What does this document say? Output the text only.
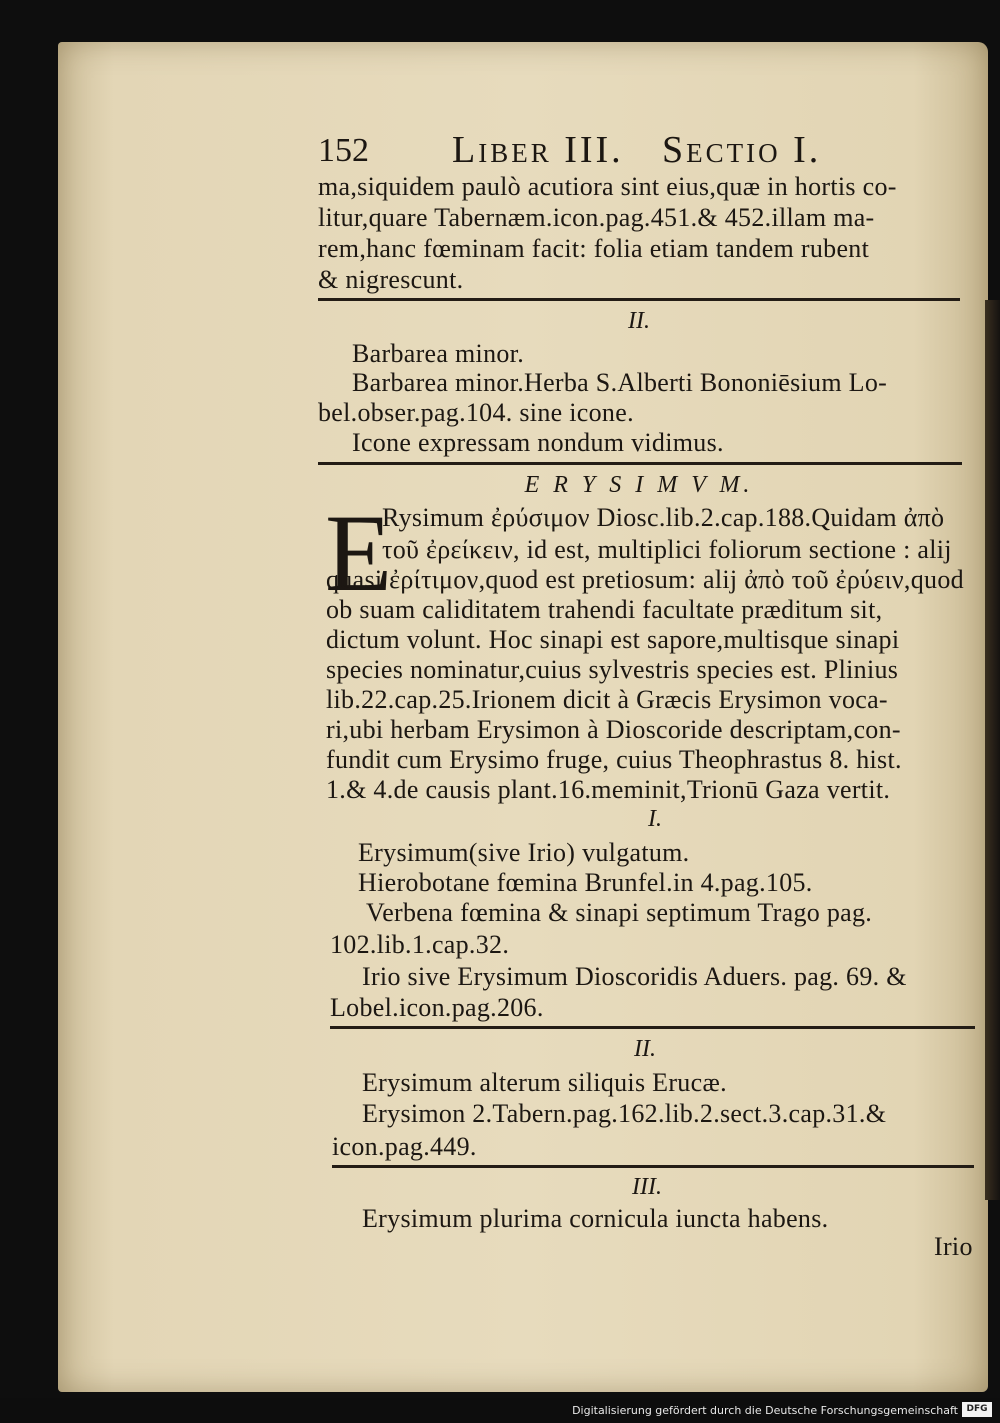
152 Liber III. Sectio I.
ma,siquidem paulò acutiora sint eius,quæ in hortis co-
litur,quare Tabernæm.icon.pag.451.& 452.illam ma-
rem,hanc fœminam facit: folia etiam tandem rubent
& nigrescunt.
II.
Barbarea minor.
Barbarea minor.Herba S.Alberti Bononiēsium Lo-
bel.obser.pag.104. sine icone.
Icone expressam nondum vidimus.
E R Y S I M V M.
E
Rysimum ἐρύσιμον Diosc.lib.2.cap.188.Quidam ἀπὸ
τοῦ ἐρείκειν, id est, multiplici foliorum sectione : alij
quasi ἐρίτιμον,quod est pretiosum: alij ἀπὸ τοῦ ἐρύειν,quod
ob suam caliditatem trahendi facultate præditum sit,
dictum volunt. Hoc sinapi est sapore,multisque sinapi
species nominatur,cuius sylvestris species est. Plinius
lib.22.cap.25.Irionem dicit à Græcis Erysimon voca-
ri,ubi herbam Erysimon à Dioscoride descriptam,con-
fundit cum Erysimo fruge, cuius Theophrastus 8. hist.
1.& 4.de causis plant.16.meminit,Trionū Gaza vertit.
I.
Erysimum(sive Irio) vulgatum.
Hierobotane fœmina Brunfel.in 4.pag.105.
Verbena fœmina & sinapi septimum Trago pag.
102.lib.1.cap.32.
Irio sive Erysimum Dioscoridis Aduers. pag. 69. &
Lobel.icon.pag.206.
II.
Erysimum alterum siliquis Erucæ.
Erysimon 2.Tabern.pag.162.lib.2.sect.3.cap.31.&
icon.pag.449.
III.
Erysimum plurima cornicula iuncta habens.
Irio
Digitalisierung gefördert durch die Deutsche Forschungsgemeinschaft DFG
